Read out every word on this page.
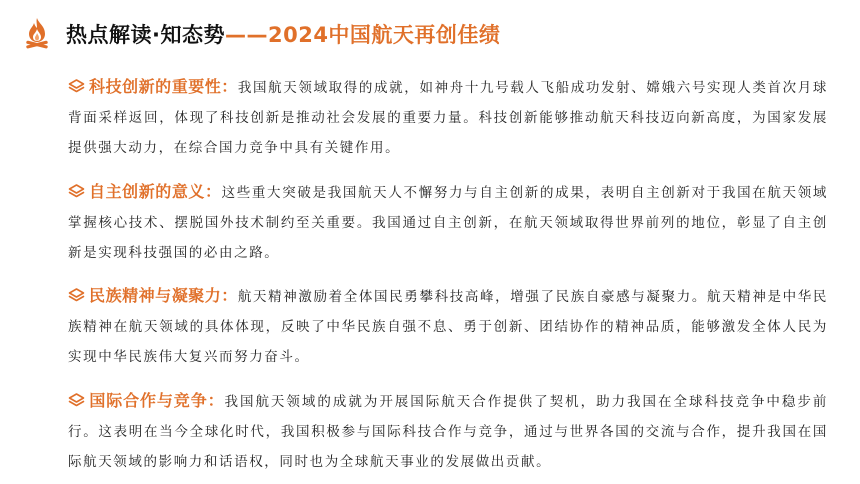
热点解读·知态势——2024中国航天再创佳绩

科技创新的重要性：我国航天领域取得的成就，如神舟十九号载人飞船成功发射、嫦娥六号实现人类首次月球背面采样返回，体现了科技创新是推动社会发展的重要力量。科技创新能够推动航天科技迈向新高度，为国家发展提供强大动力，在综合国力竞争中具有关键作用。

自主创新的意义：这些重大突破是我国航天人不懈努力与自主创新的成果，表明自主创新对于我国在航天领域掌握核心技术、摆脱国外技术制约至关重要。我国通过自主创新，在航天领域取得世界前列的地位，彰显了自主创新是实现科技强国的必由之路。

民族精神与凝聚力：航天精神激励着全体国民勇攀科技高峰，增强了民族自豪感与凝聚力。航天精神是中华民族精神在航天领域的具体体现，反映了中华民族自强不息、勇于创新、团结协作的精神品质，能够激发全体人民为实现中华民族伟大复兴而努力奋斗。

国际合作与竞争：我国航天领域的成就为开展国际航天合作提供了契机，助力我国在全球科技竞争中稳步前行。这表明在当今全球化时代，我国积极参与国际科技合作与竞争，通过与世界各国的交流与合作，提升我国在国际航天领域的影响力和话语权，同时也为全球航天事业的发展做出贡献。
